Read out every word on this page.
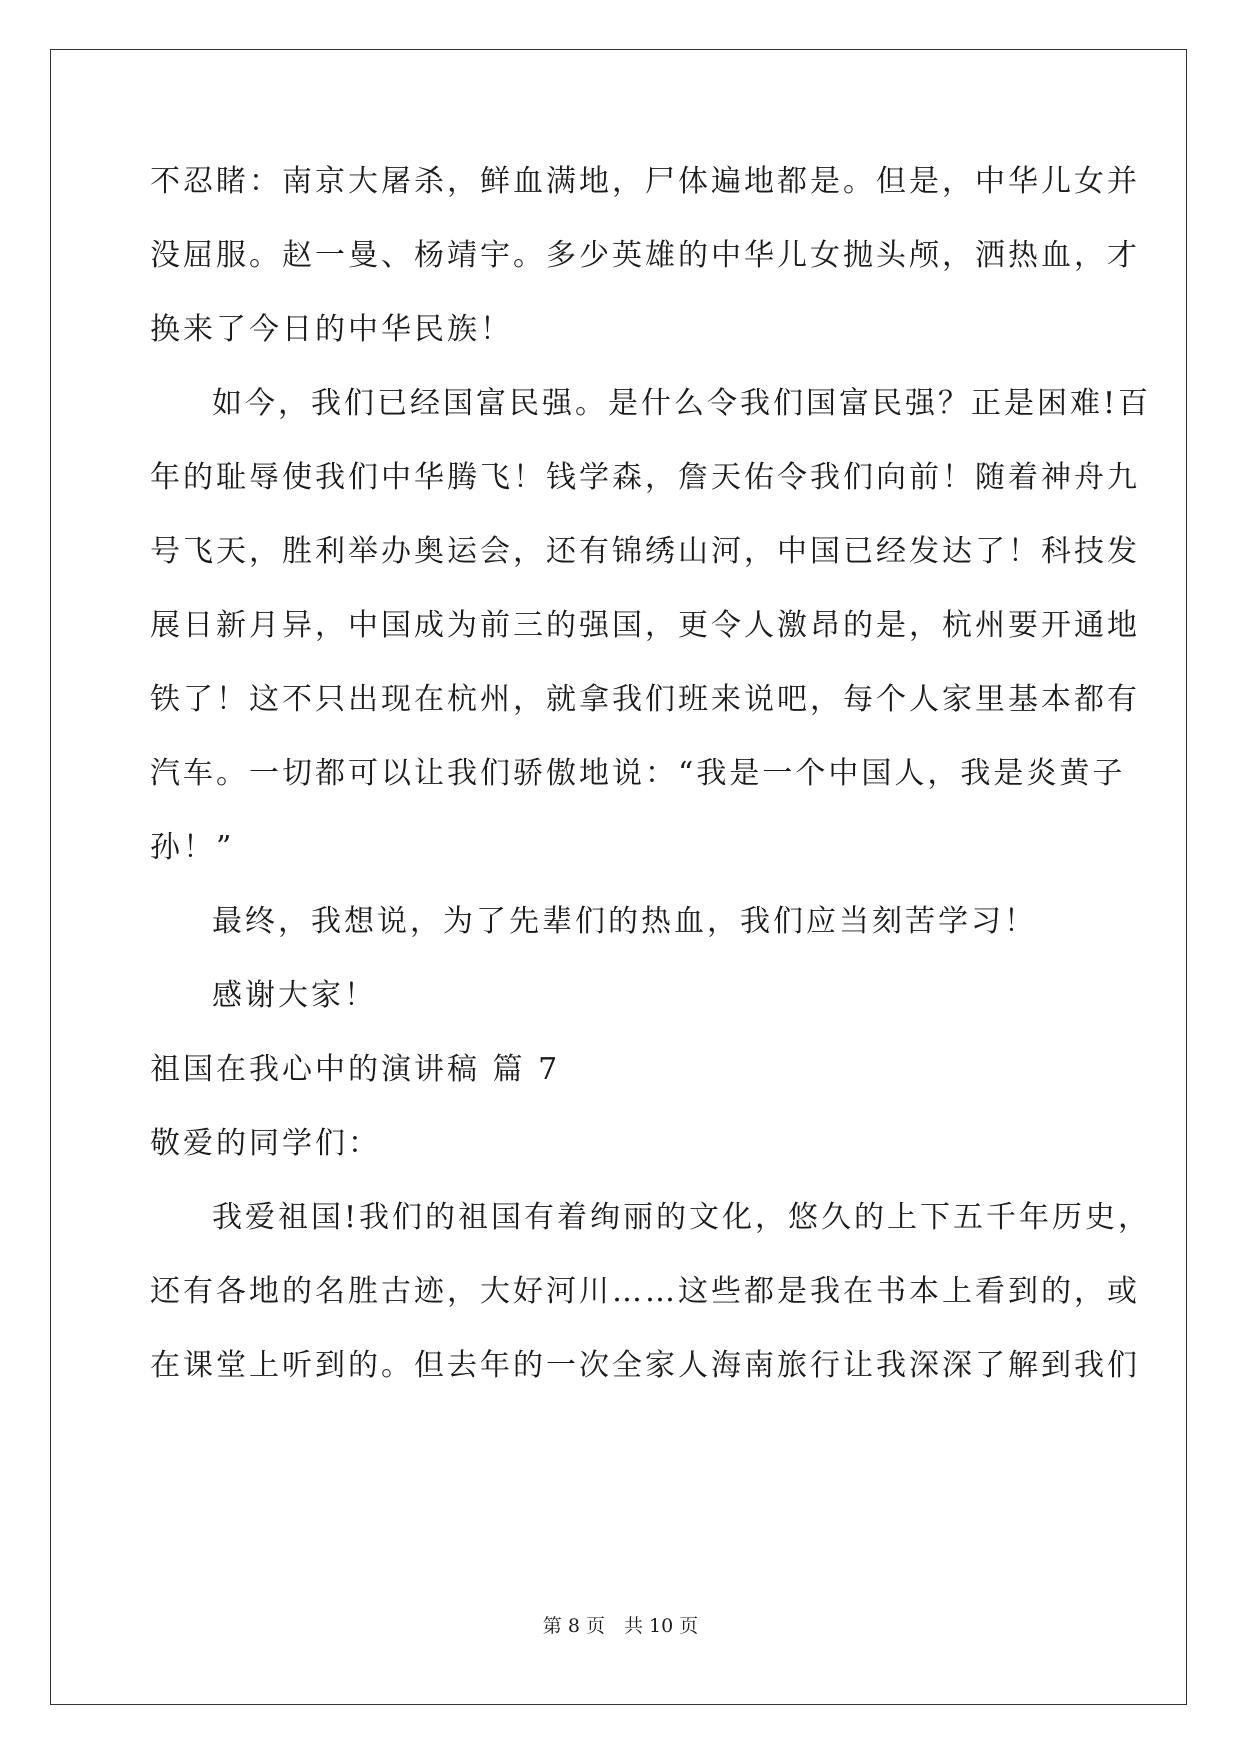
不忍睹：南京大屠杀，鲜血满地，尸体遍地都是。但是，中华儿女并
没屈服。赵一曼、杨靖宇。多少英雄的中华儿女抛头颅，洒热血，才
换来了今日的中华民族！
如今，我们已经国富民强。是什么令我们国富民强？正是困难!百
年的耻辱使我们中华腾飞！钱学森，詹天佑令我们向前！随着神舟九
号飞天，胜利举办奥运会，还有锦绣山河，中国已经发达了！科技发
展日新月异，中国成为前三的强国，更令人激昂的是，杭州要开通地
铁了！这不只出现在杭州，就拿我们班来说吧，每个人家里基本都有
汽车。一切都可以让我们骄傲地说：“我是一个中国人，我是炎黄子
孙！”
最终，我想说，为了先辈们的热血，我们应当刻苦学习！
感谢大家！
祖国在我心中的演讲稿 篇 7
敬爱的同学们：
我爱祖国!我们的祖国有着绚丽的文化，悠久的上下五千年历史，
还有各地的名胜古迹，大好河川……这些都是我在书本上看到的，或
在课堂上听到的。但去年的一次全家人海南旅行让我深深了解到我们
第 8 页　共 10 页
